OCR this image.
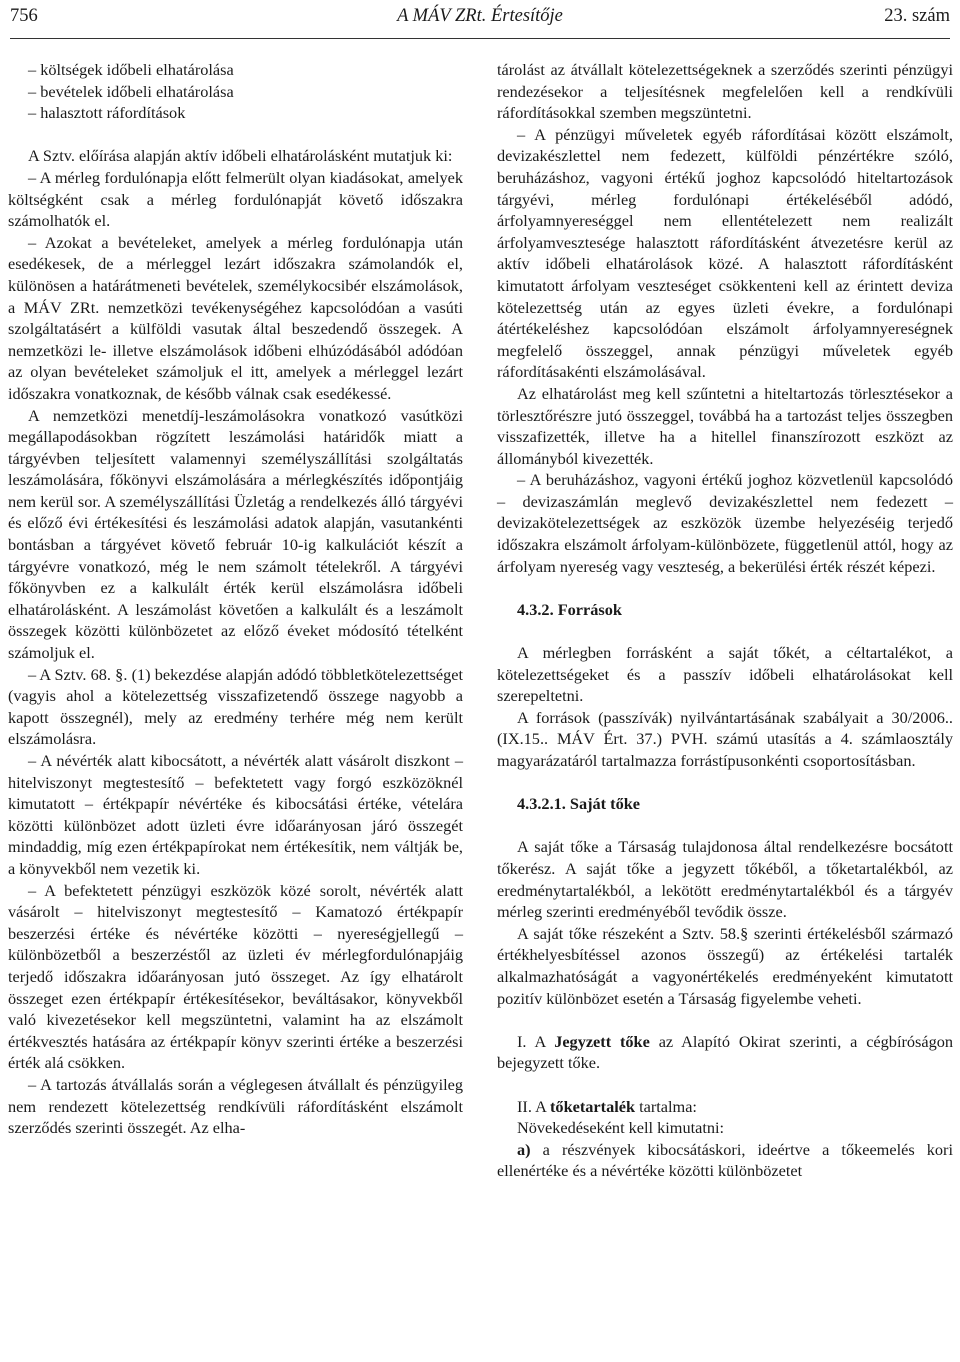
756	A MÁV ZRt. Értesítője	23. szám

– költségek időbeli elhatárolása

– bevételek időbeli elhatárolása

– halasztott ráfordítások

A Sztv. előírása alapján aktív időbeli elhatárolásként mutatjuk ki:

– A mérleg fordulónapja előtt felmerült olyan kiadásokat, amelyek költségként csak a mérleg fordulónapját követő időszakra számolhatók el.

– Azokat a bevételeket, amelyek a mérleg fordulónapja után esedékesek, de a mérleggel lezárt időszakra számolandók el, különösen a határátmeneti bevételek, személykocsibér elszámolások, a MÁV ZRt. nemzetközi tevékenységéhez kapcsolódóan a vasúti szolgáltatásért a külföldi vasutak által beszedendő összegek. A nemzetközi le- illetve elszámolások időbeni elhúzódásából adódóan az olyan bevételeket számoljuk el itt, amelyek a mérleggel lezárt időszakra vonatkoznak, de később válnak csak esedékessé.

A nemzetközi menetdíj-leszámolásokra vonatkozó vasútközi megállapodásokban rögzített leszámolási határidők miatt a tárgyévben teljesített valamennyi személyszállítási szolgáltatás leszámolására, főkönyvi elszámolására a mérlegkészítés időpontjáig nem kerül sor. A személyszállítási Üzletág a rendelkezés álló tárgyévi és előző évi értékesítési és leszámolási adatok alapján, vasutankénti bontásban a tárgyévet követő február 10-ig kalkulációt készít a tárgyévre vonatkozó, még le nem számolt tételekről. A tárgyévi főkönyvben ez a kalkulált érték kerül elszámolásra időbeli elhatárolásként. A leszámolást követően a kalkulált és a leszámolt összegek közötti különbözetet az előző éveket módosító tételként számoljuk el.

– A Sztv. 68. §. (1) bekezdése alapján adódó többletkötelezettséget (vagyis ahol a kötelezettség visszafizetendő összege nagyobb a kapott összegnél), mely az eredmény terhére még nem került elszámolásra.

– A névérték alatt kibocsátott, a névérték alatt vásárolt diszkont – hitelviszonyt megtestesítő – befektetett vagy forgó eszközöknél kimutatott – értékpapír névértéke és kibocsátási értéke, vételára közötti különbözet adott üzleti évre időarányosan járó összegét mindaddig, míg ezen értékpapírokat nem értékesítik, nem váltják be, a könyvekből nem vezetik ki.

– A befektetett pénzügyi eszközök közé sorolt, névérték alatt vásárolt – hitelviszonyt megtestesítő – Kamatozó értékpapír beszerzési értéke és névértéke közötti – nyereségjellegű – különbözetből a beszerzéstől az üzleti év mérlegfordulónapjáig terjedő időszakra időarányosan jutó összeget. Az így elhatárolt összeget ezen értékpapír értékesítésekor, beváltásakor, könyvekből való kivezetésekor kell megszüntetni, valamint ha az elszámolt értékvesztés hatására az értékpapír könyv szerinti értéke a beszerzési érték alá csökken.

– A tartozás átvállalás során a véglegesen átvállalt és pénzügyileg nem rendezett kötelezettség rendkívüli ráfordításként elszámolt szerződés szerinti összegét. Az elha-

tárolást az átvállalt kötelezettségeknek a szerződés szerinti pénzügyi rendezésekor a teljesítésnek megfelelően kell a rendkívüli ráfordításokkal szemben megszüntetni.

– A pénzügyi műveletek egyéb ráfordításai között elszámolt, devizakészlettel nem fedezett, külföldi pénzértékre szóló, beruházáshoz, vagyoni értékű joghoz kapcsolódó hiteltartozások tárgyévi, mérleg fordulónapi értékeléséből adódó, árfolyamnyereséggel nem ellentételezett nem realizált árfolyamvesztesége halasztott ráfordításként átvezetésre kerül az aktív időbeli elhatárolások közé. A halasztott ráfordításként kimutatott árfolyam veszteséget csökkenteni kell az érintett deviza kötelezettség után az egyes üzleti évekre, a fordulónapi átértékeléshez kapcsolódóan elszámolt árfolyamnyereségnek megfelelő összeggel, annak pénzügyi műveletek egyéb ráfordításakénti elszámolásával.

Az elhatárolást meg kell szűntetni a hiteltartozás törlesztésekor a törlesztőrészre jutó összeggel, továbbá ha a tartozást teljes összegben visszafizették, illetve ha a hitellel finanszírozott eszközt az állományból kivezették.

– A beruházáshoz, vagyoni értékű joghoz közvetlenül kapcsolódó – devizaszámlán meglevő devizakészlettel nem fedezett – devizakötelezettségek az eszközök üzembe helyezéséig terjedő időszakra elszámolt árfolyam-különbözete, függetlenül attól, hogy az árfolyam nyereség vagy veszteség, a bekerülési érték részét képezi.

4.3.2. Források

A mérlegben forrásként a saját tőkét, a céltartalékot, a kötelezettségeket és a passzív időbeli elhatárolásokat kell szerepeltetni.

A források (passzívák) nyilvántartásának szabályait a 30/2006.. (IX.15.. MÁV Ért. 37.) PVH. számú utasítás a 4. számlaosztály magyarázatáról tartalmazza forrástípusonkénti csoportosításban.

4.3.2.1. Saját tőke

A saját tőke a Társaság tulajdonosa által rendelkezésre bocsátott tőkerész. A saját tőke a jegyzett tőkéből, a tőketartalékból, az eredménytartalékból, a lekötött eredménytartalékból és a tárgyév mérleg szerinti eredményéből tevődik össze.

A saját tőke részeként a Sztv. 58.§ szerinti értékelésből származó értékhelyesbítéssel azonos összegű) az értékelési tartalék alkalmazhatóságát a vagyonértékelés eredményeként kimutatott pozitív különbözet esetén a Társaság figyelembe veheti.

I. A Jegyzett tőke az Alapító Okirat szerinti, a cégbíróságon bejegyzett tőke.

II. A tőketartalék tartalma:

Növekedéseként kell kimutatni:

a) a részvények kibocsátáskori, ideértve a tőkeemelés kori ellenértéke és a névértéke közötti különbözetet
